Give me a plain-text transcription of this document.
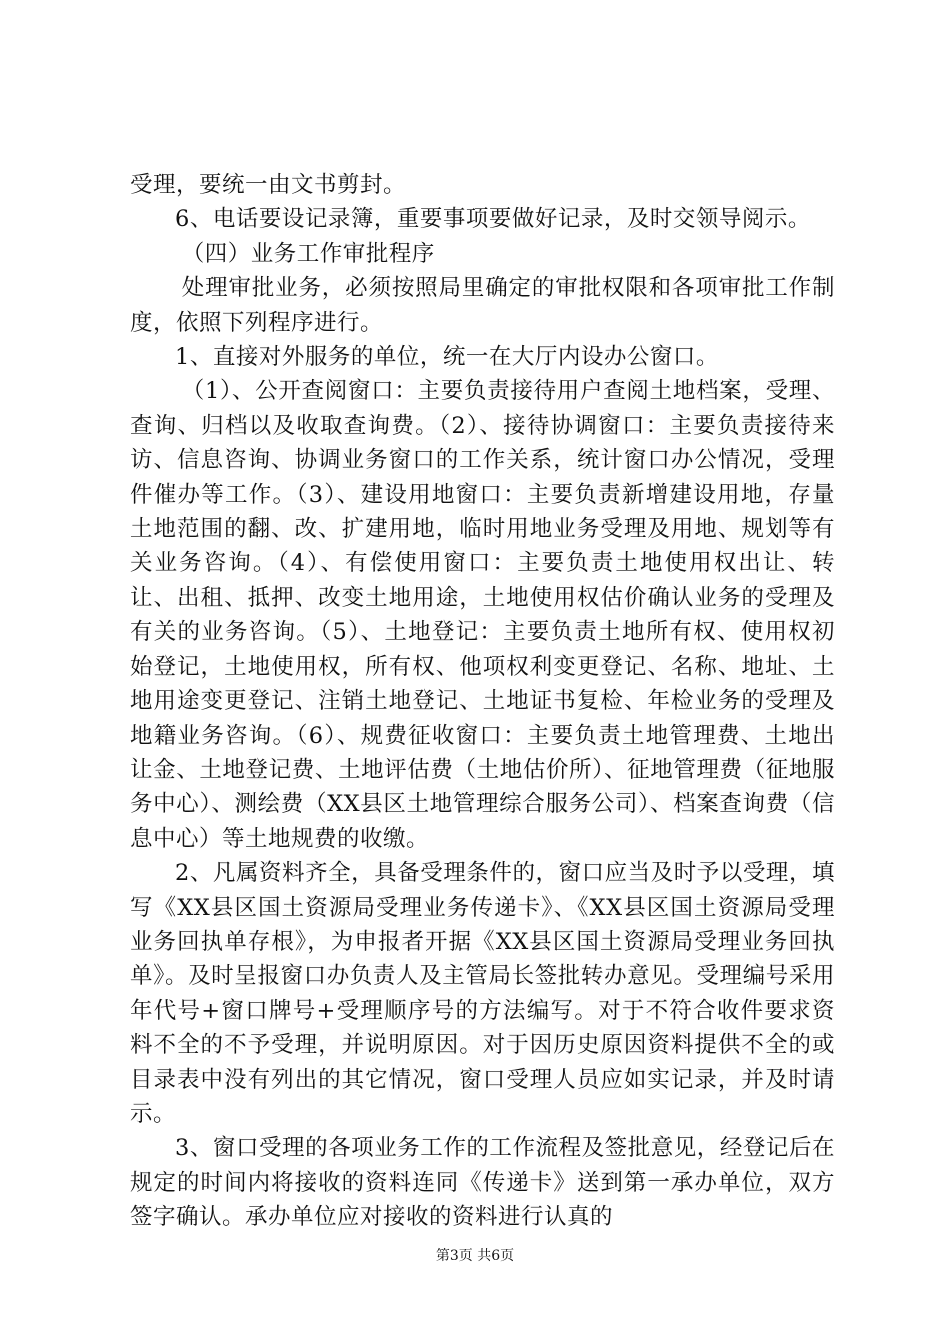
受理，要统一由文书剪封。

6、电话要设记录簿，重要事项要做好记录，及时交领导阅示。

（四）业务工作审批程序

处理审批业务，必须按照局里确定的审批权限和各项审批工作制度，依照下列程序进行。

1、直接对外服务的单位，统一在大厅内设办公窗口。

（1）、公开查阅窗口：主要负责接待用户查阅土地档案，受理、查询、归档以及收取查询费。（2）、接待协调窗口：主要负责接待来访、信息咨询、协调业务窗口的工作关系，统计窗口办公情况，受理件催办等工作。（3）、建设用地窗口：主要负责新增建设用地，存量土地范围的翻、改、扩建用地，临时用地业务受理及用地、规划等有关业务咨询。（4）、有偿使用窗口：主要负责土地使用权出让、转让、出租、抵押、改变土地用途，土地使用权估价确认业务的受理及有关的业务咨询。（5）、土地登记：主要负责土地所有权、使用权初始登记，土地使用权，所有权、他项权利变更登记、名称、地址、土地用途变更登记、注销土地登记、土地证书复检、年检业务的受理及地籍业务咨询。（6）、规费征收窗口：主要负责土地管理费、土地出让金、土地登记费、土地评估费（土地估价所）、征地管理费（征地服务中心）、测绘费（XX县区土地管理综合服务公司）、档案查询费（信息中心）等土地规费的收缴。

2、凡属资料齐全，具备受理条件的，窗口应当及时予以受理，填写《XX县区国土资源局受理业务传递卡》、《XX县区国土资源局受理业务回执单存根》，为申报者开据《XX县区国土资源局受理业务回执单》。及时呈报窗口办负责人及主管局长签批转办意见。受理编号采用年代号+窗口牌号+受理顺序号的方法编写。对于不符合收件要求资料不全的不予受理，并说明原因。对于因历史原因资料提供不全的或目录表中没有列出的其它情况，窗口受理人员应如实记录，并及时请示。

3、窗口受理的各项业务工作的工作流程及签批意见，经登记后在规定的时间内将接收的资料连同《传递卡》送到第一承办单位，双方签字确认。承办单位应对接收的资料进行认真的

第3页 共6页
